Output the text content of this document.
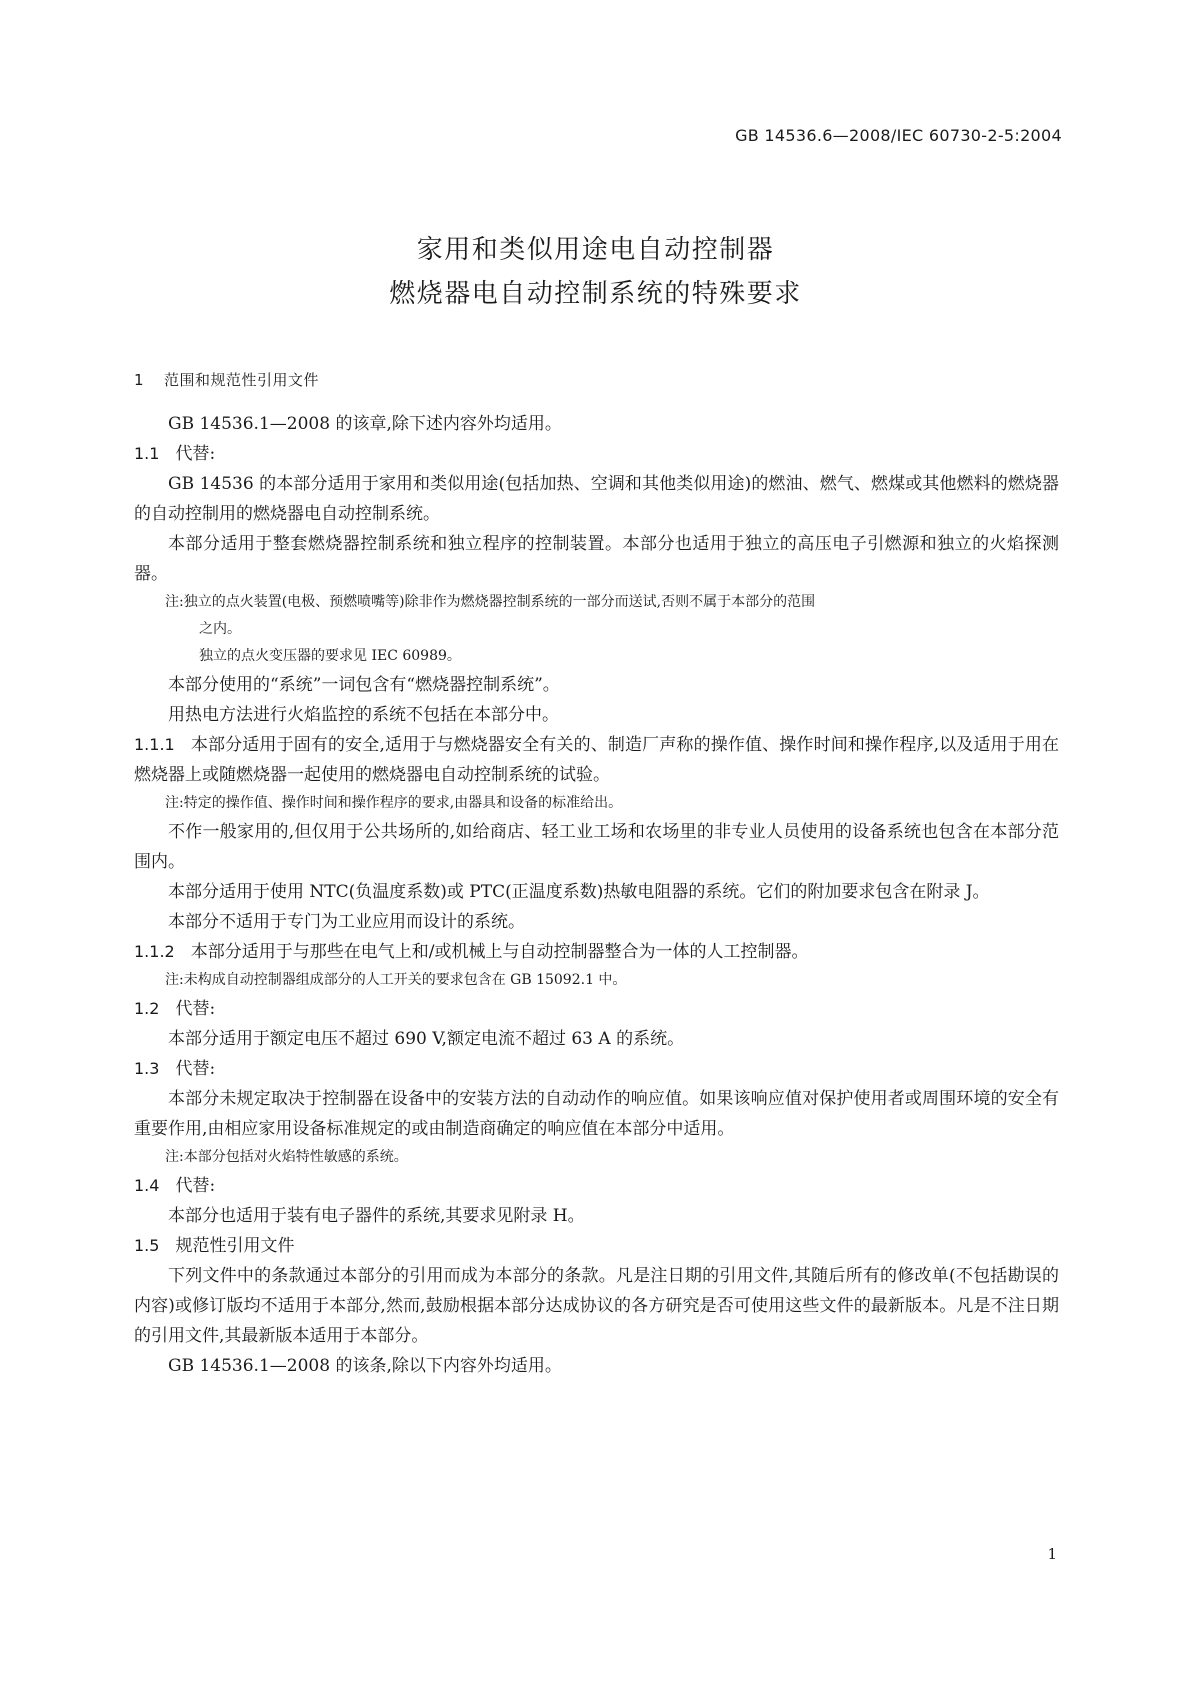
GB 14536.6—2008/IEC 60730-2-5:2004
家用和类似用途电自动控制器
燃烧器电自动控制系统的特殊要求
1 范围和规范性引用文件

GB 14536.1—2008 的该章,除下述内容外均适用。

1.1 代替:

GB 14536 的本部分适用于家用和类似用途(包括加热、空调和其他类似用途)的燃油、燃气、燃煤或其他燃料的燃烧器的自动控制用的燃烧器电自动控制系统。

本部分适用于整套燃烧器控制系统和独立程序的控制装置。本部分也适用于独立的高压电子引燃源和独立的火焰探测器。

注:独立的点火装置(电极、预燃喷嘴等)除非作为燃烧器控制系统的一部分而送试,否则不属于本部分的范围
之内。
独立的点火变压器的要求见 IEC 60989。

本部分使用的“系统”一词包含有“燃烧器控制系统”。

用热电方法进行火焰监控的系统不包括在本部分中。

1.1.1 本部分适用于固有的安全,适用于与燃烧器安全有关的、制造厂声称的操作值、操作时间和操作程序,以及适用于用在燃烧器上或随燃烧器一起使用的燃烧器电自动控制系统的试验。

注:特定的操作值、操作时间和操作程序的要求,由器具和设备的标准给出。

不作一般家用的,但仅用于公共场所的,如给商店、轻工业工场和农场里的非专业人员使用的设备系统也包含在本部分范围内。

本部分适用于使用 NTC(负温度系数)或 PTC(正温度系数)热敏电阻器的系统。它们的附加要求包含在附录 J。

本部分不适用于专门为工业应用而设计的系统。

1.1.2 本部分适用于与那些在电气上和/或机械上与自动控制器整合为一体的人工控制器。

注:未构成自动控制器组成部分的人工开关的要求包含在 GB 15092.1 中。
1.2 代替:

本部分适用于额定电压不超过 690 V,额定电流不超过 63 A 的系统。

1.3 代替:

本部分未规定取决于控制器在设备中的安装方法的自动动作的响应值。如果该响应值对保护使用者或周围环境的安全有重要作用,由相应家用设备标准规定的或由制造商确定的响应值在本部分中适用。

注:本部分包括对火焰特性敏感的系统。
1.4 代替:

本部分也适用于装有电子器件的系统,其要求见附录 H。

1.5 规范性引用文件

下列文件中的条款通过本部分的引用而成为本部分的条款。凡是注日期的引用文件,其随后所有的修改单(不包括勘误的内容)或修订版均不适用于本部分,然而,鼓励根据本部分达成协议的各方研究是否可使用这些文件的最新版本。凡是不注日期的引用文件,其最新版本适用于本部分。

GB 14536.1—2008 的该条,除以下内容外均适用。

1
